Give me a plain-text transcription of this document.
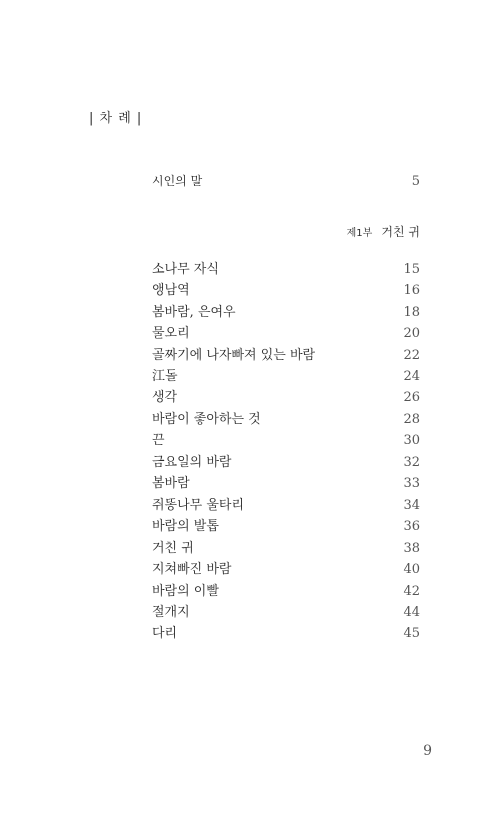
| 차 례 |
시인의 말	5
제1부 거친 귀
소나무 자식	15
앵남역	16
봄바람, 은여우	18
물오리	20
골짜기에 나자빠져 있는 바람	22
江돌	24
생각	26
바람이 좋아하는 것	28
끈	30
금요일의 바람	32
봄바람	33
쥐똥나무 울타리	34
바람의 발톱	36
거친 귀	38
지쳐빠진 바람	40
바람의 이빨	42
절개지	44
다리	45
9
